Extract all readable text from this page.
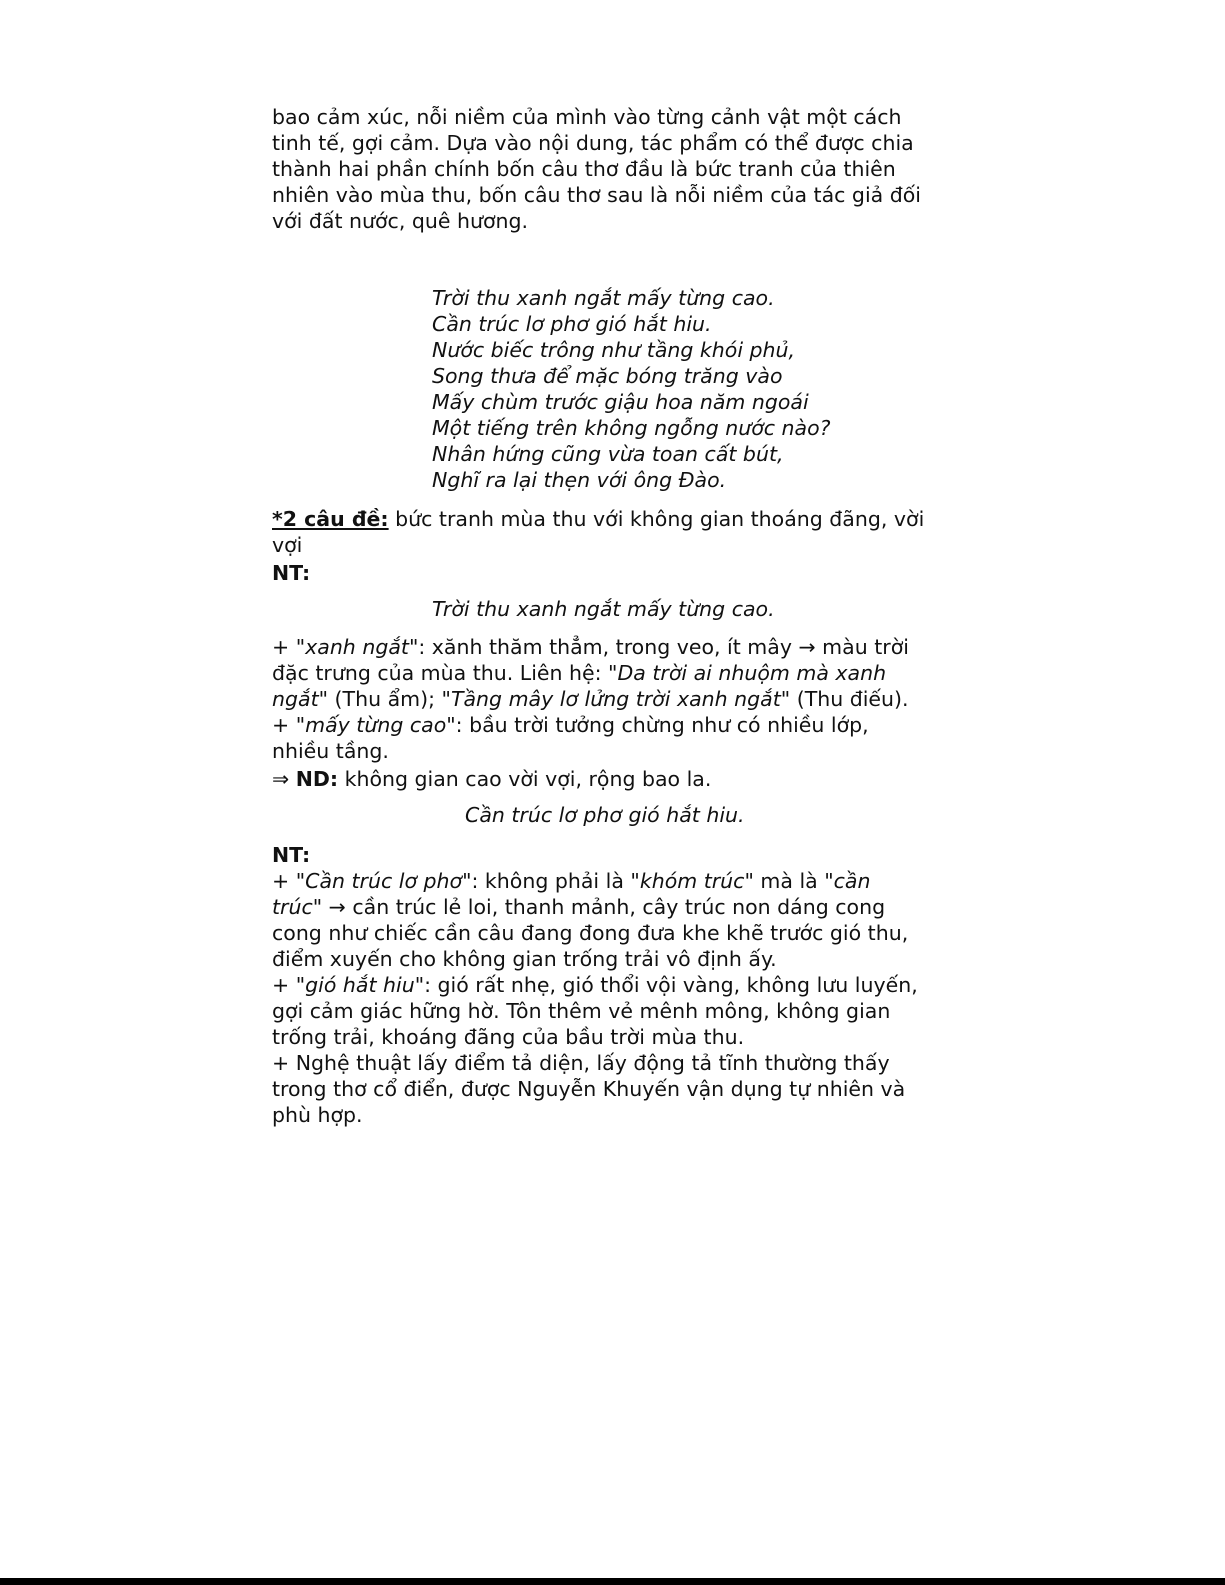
bao cảm xúc, nỗi niềm của mình vào từng cảnh vật một cách
tinh tế, gợi cảm. Dựa vào nội dung, tác phẩm có thể được chia
thành hai phần chính bốn câu thơ đầu là bức tranh của thiên
nhiên vào mùa thu, bốn câu thơ sau là nỗi niềm của tác giả đối
với đất nước, quê hương.
Trời thu xanh ngắt mấy từng cao.
Cần trúc lơ phơ gió hắt hiu.
Nước biếc trông như tầng khói phủ,
Song thưa để mặc bóng trăng vào
Mấy chùm trước giậu hoa năm ngoái
Một tiếng trên không ngỗng nước nào?
Nhân hứng cũng vừa toan cất bút,
Nghĩ ra lại thẹn với ông Đào.
*2 câu đề: bức tranh mùa thu với không gian thoáng đãng, vời
vợi
NT:
Trời thu xanh ngắt mấy từng cao.
+ "xanh ngắt": xănh thăm thẳm, trong veo, ít mây → màu trời
đặc trưng của mùa thu. Liên hệ: "Da trời ai nhuộm mà xanh
ngắt" (Thu ẩm); "Tầng mây lơ lửng trời xanh ngắt" (Thu điếu).
+ "mấy từng cao": bầu trời tưởng chừng như có nhiều lớp,
nhiều tầng.
⇒ ND: không gian cao vời vợi, rộng bao la.
Cần trúc lơ phơ gió hắt hiu.
NT:
+ "Cần trúc lơ phơ": không phải là "khóm trúc" mà là "cần
trúc" → cần trúc lẻ loi, thanh mảnh, cây trúc non dáng cong
cong như chiếc cần câu đang đong đưa khe khẽ trước gió thu,
điểm xuyến cho không gian trống trải vô định ấy.
+ "gió hắt hiu": gió rất nhẹ, gió thổi vội vàng, không lưu luyến,
gợi cảm giác hững hờ. Tôn thêm vẻ mênh mông, không gian
trống trải, khoáng đãng của bầu trời mùa thu.
+ Nghệ thuật lấy điểm tả diện, lấy động tả tĩnh thường thấy
trong thơ cổ điển, được Nguyễn Khuyến vận dụng tự nhiên và
phù hợp.
